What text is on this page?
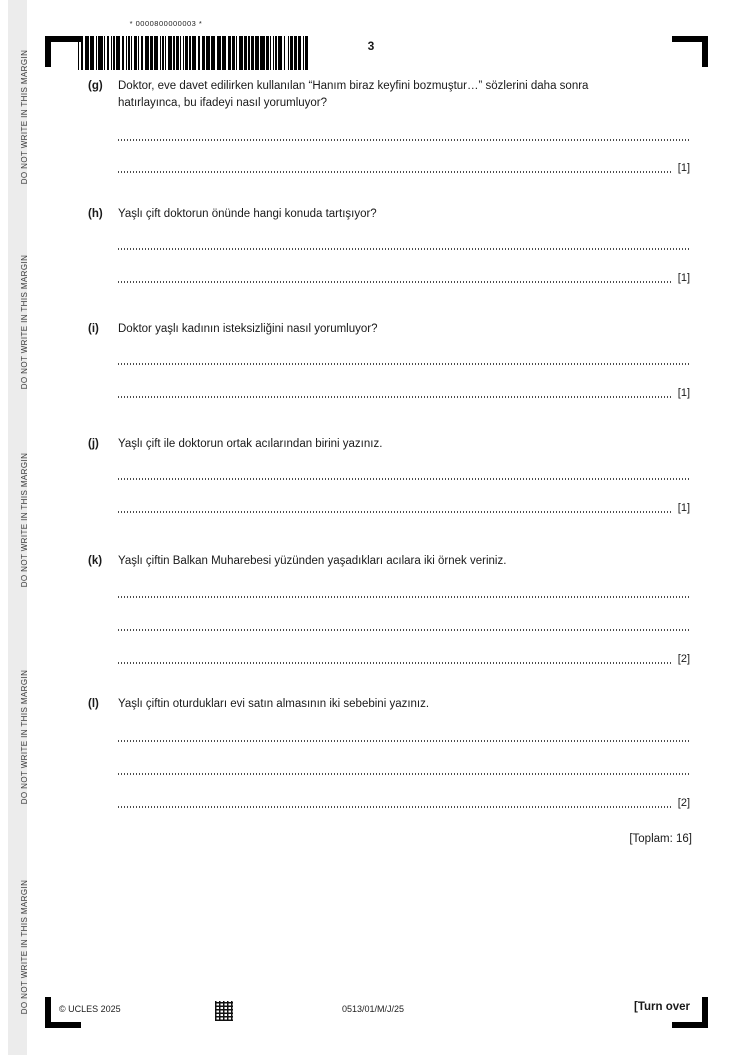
DO NOT WRITE IN THIS MARGIN
DO NOT WRITE IN THIS MARGIN
DO NOT WRITE IN THIS MARGIN
DO NOT WRITE IN THIS MARGIN
DO NOT WRITE IN THIS MARGIN
* 0000800000003 *
3
(g)	Doktor, eve davet edilirken kullanılan “Hanım biraz keyfini bozmuştur…” sözlerini daha sonra
hatırlayınca, bu ifadeyi nasıl yorumluyor?
[1]
(h)	Yaşlı çift doktorun önünde hangi konuda tartışıyor?
[1]
(i)	Doktor yaşlı kadının isteksizliğini nasıl yorumluyor?
[1]
(j)	Yaşlı çift ile doktorun ortak acılarından birini yazınız.
[1]
(k)	Yaşlı çiftin Balkan Muharebesi yüzünden yaşadıkları acılara iki örnek veriniz.
[2]
(l)	Yaşlı çiftin oturdukları evi satın almasının iki sebebini yazınız.
[2]
[Toplam: 16]
© UCLES 2025	0513/01/M/J/25	[Turn over
